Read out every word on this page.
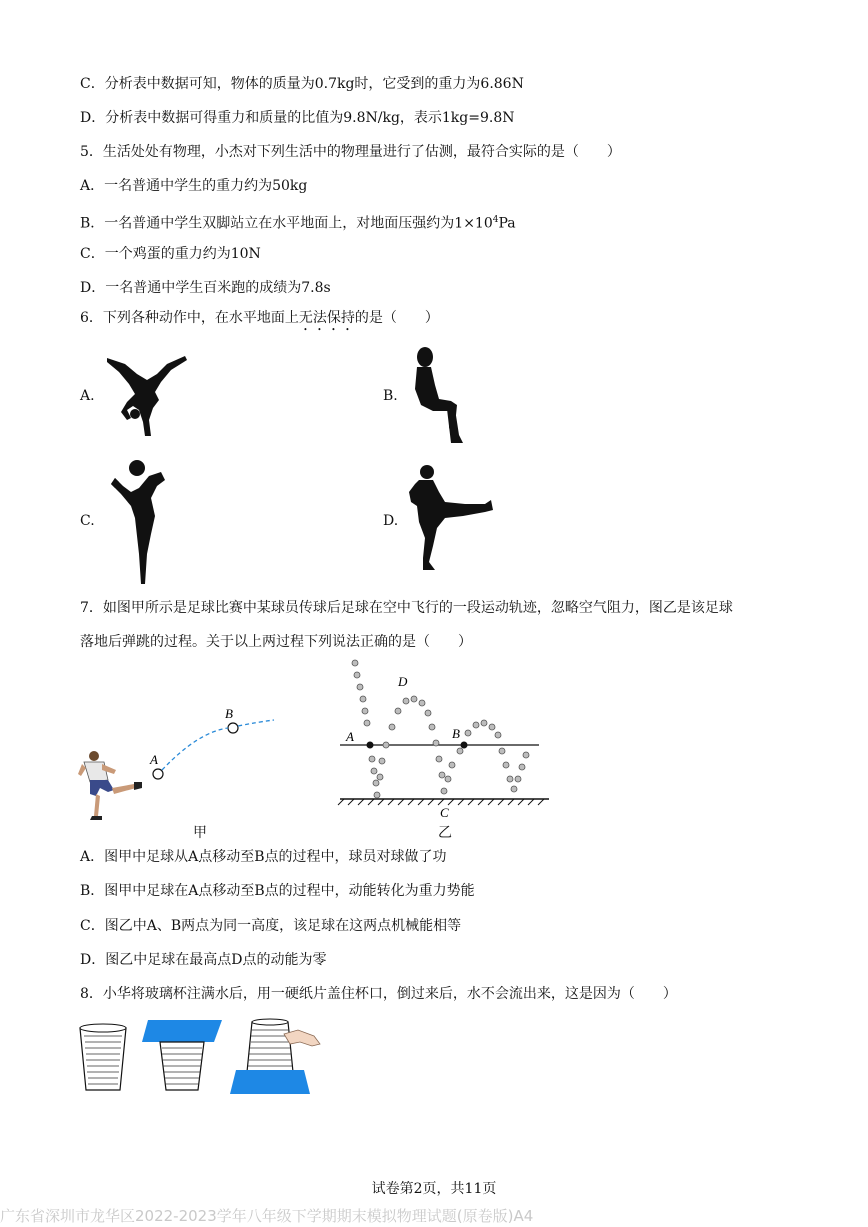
C．分析表中数据可知，物体的质量为0.7kg时，它受到的重力为6.86N
D．分析表中数据可得重力和质量的比值为9.8N/kg，表示1kg=9.8N
5．生活处处有物理，小杰对下列生活中的物理量进行了估测，最符合实际的是（　　）
A．一名普通中学生的重力约为50kg
B．一名普通中学生双脚站立在水平地面上，对地面压强约为$1\times 10^4Pa$
C．一个鸡蛋的重力约为10N
D．一名普通中学生百米跑的成绩为7.8s
6．下列各种动作中，在水平地面上无法保持的是（　　）
A.	B.
C.	D.
7．如图甲所示是足球比赛中某球员传球后足球在空中飞行的一段运动轨迹，忽略空气阻力，图乙是该足球
落地后弹跳的过程。关于以上两过程下列说法正确的是（　　）
A
B
甲
A	B
C
D
乙
A．图甲中足球从A点移动至B点的过程中，球员对球做了功
B．图甲中足球在A点移动至B点的过程中，动能转化为重力势能
C．图乙中A、B两点为同一高度，该足球在这两点机械能相等
D．图乙中足球在最高点D点的动能为零
8．小华将玻璃杯注满水后，用一硬纸片盖住杯口，倒过来后，水不会流出来，这是因为（　　）
试卷第2页，共11页
广东省深圳市龙华区2022-2023学年八年级下学期期末模拟物理试题(原卷版)A4
